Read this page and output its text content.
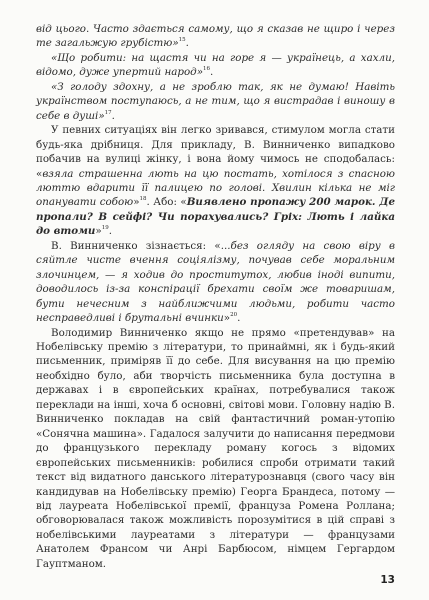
від цього. Часто здається самому, що я сказав не щиро і через те загальжую грубістю»$^{15}$.

«Що робити: на щастя чи на горе я — українець, а хахли, відомо, дуже упертий народ»$^{16}$.

«З голоду здохну, а не зроблю так, як не думаю! Навіть українством поступаюсь, а не тим, що я вистрадав і виношу в себе в душі»$^{17}$.

У певних ситуаціях він легко зривався, стимулом могла стати будь-яка дрібниця. Для прикладу, В. Винниченко випадково побачив на вулиці жінку, і вона йому чимось не сподобалась: «взяла страшенна лють на цю постать, хотілося з спасною люттю вдарити її палицею по голові. Хвилин кілька не міг опанувати собою»$^{18}$. Або: «Виявлено пропажу 200 марок. Де пропали? В сейфі? Чи порахувались? Гріх: Лють і лайка до втоми»$^{19}$.

В. Винниченко зізнається: «...без огляду на свою віру в сяйтле чисте вчення соціялізму, почував себе моральним злочинцем, — я ходив до проститутох, любив іноді випити, доводилось із-за конспірації брехати своїм же товаришам, бути нечесним з найближчими людьми, робити часто несправедливі і брутальні вчинки»$^{20}$.

Володимир Винниченко якщо не прямо «претендував» на Нобелівську премію з літератури, то принаймні, як і будь-який письменник, приміряв її до себе. Для висування на цю премію необхідно було, аби творчість письменника була доступна в державах і в європейських країнах, потребувалися також переклади на інші, хоча б основні, світові мови. Головну надію В. Винниченко покладав на свій фантастичний роман-утопію «Сонячна машина». Гадалося залучити до написання передмови до французького перекладу роману когось з відомих європейських письменників: робилися спроби отримати такий текст від видатного данського літературознавця (свого часу він кандидував на Нобелівську премію) Георга Брандеса, потому — від лауреата Нобелівської премії, француза Ромена Роллана; обговорювалася також можливість порозумітися в цій справі з нобелівськими лауреатами з літератури — французами Анатолем Франсом чи Анрі Барбюсом, німцем Гергардом Гауптманом.

13
